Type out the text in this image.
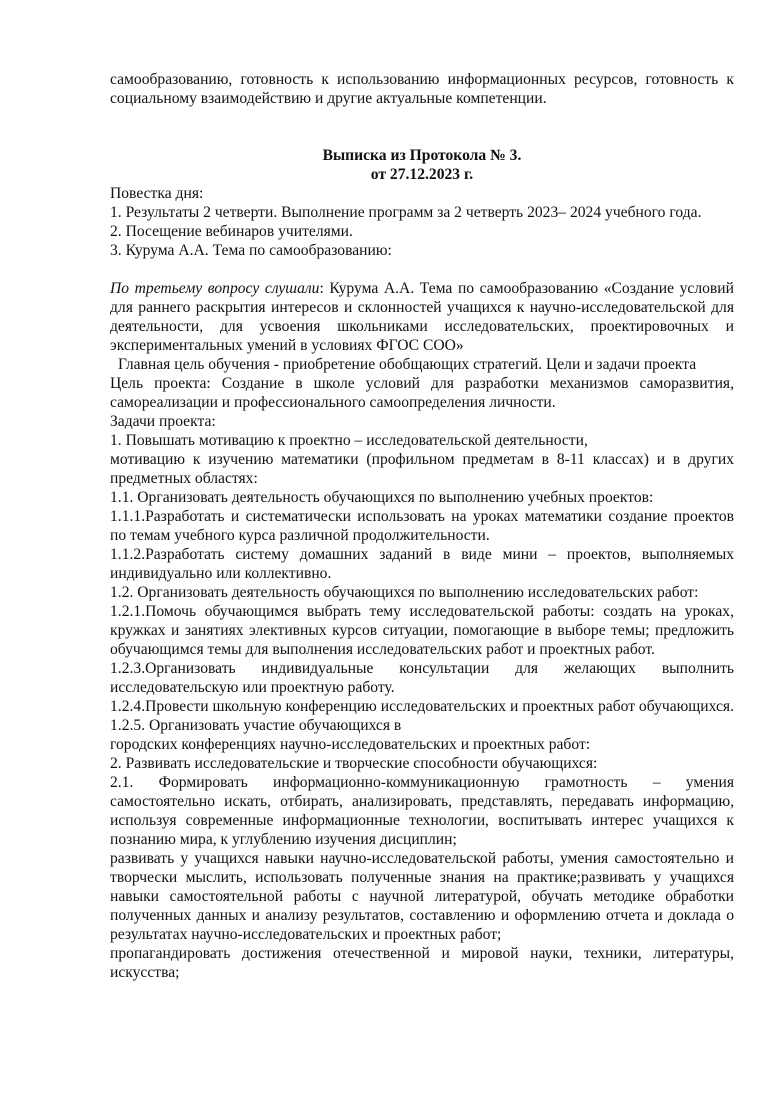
самообразованию, готовность к использованию информационных ресурсов, готовность к социальному взаимодействию и другие актуальные компетенции.

Выписка из Протокола № 3.

от 27.12.2023 г.

Повестка дня:

1. Результаты 2 четверти. Выполнение программ за 2 четверть 2023– 2024 учебного года.

2. Посещение вебинаров учителями.

3. Курума А.А. Тема по самообразованию:

По третьему вопросу слушали: Курума А.А. Тема по самообразованию «Создание условий для раннего раскрытия интересов и склонностей учащихся к научно-исследовательской для деятельности, для усвоения школьниками исследовательских, проектировочных и экспериментальных умений в условиях ФГОС СОО»

Главная цель обучения - приобретение обобщающих стратегий. Цели и задачи проекта

Цель проекта: Создание в школе условий для разработки механизмов саморазвития, самореализации и профессионального самоопределения личности.

Задачи проекта:

1. Повышать мотивацию к проектно – исследовательской деятельности,

мотивацию к изучению математики (профильном предметам в 8-11 классах) и в других предметных областях:

1.1. Организовать деятельность обучающихся по выполнению учебных проектов:

1.1.1.Разработать и систематически использовать на уроках математики создание проектов по темам учебного курса различной продолжительности.

1.1.2.Разработать систему домашних заданий в виде мини – проектов, выполняемых индивидуально или коллективно.

1.2. Организовать деятельность обучающихся по выполнению исследовательских работ:

1.2.1.Помочь обучающимся выбрать тему исследовательской работы: создать на уроках, кружках и занятиях элективных курсов ситуации, помогающие в выборе темы; предложить обучающимся темы для выполнения исследовательских работ и проектных работ.

1.2.3.Организовать индивидуальные консультации для желающих выполнить исследовательскую или проектную работу.

1.2.4.Провести школьную конференцию исследовательских и проектных работ обучающихся.

1.2.5. Организовать участие обучающихся в

городских конференциях научно-исследовательских и проектных работ:

2. Развивать исследовательские и творческие способности обучающихся:

2.1. Формировать информационно-коммуникационную грамотность – умения самостоятельно искать, отбирать, анализировать, представлять, передавать информацию, используя современные информационные технологии, воспитывать интерес учащихся к познанию мира, к углублению изучения дисциплин;

развивать у учащихся навыки научно-исследовательской работы, умения самостоятельно и творчески мыслить, использовать полученные знания на практике;развивать у учащихся навыки самостоятельной работы с научной литературой, обучать методике обработки полученных данных и анализу результатов, составлению и оформлению отчета и доклада о результатах научно-исследовательских и проектных работ;

пропагандировать достижения отечественной и мировой науки, техники, литературы, искусства;
